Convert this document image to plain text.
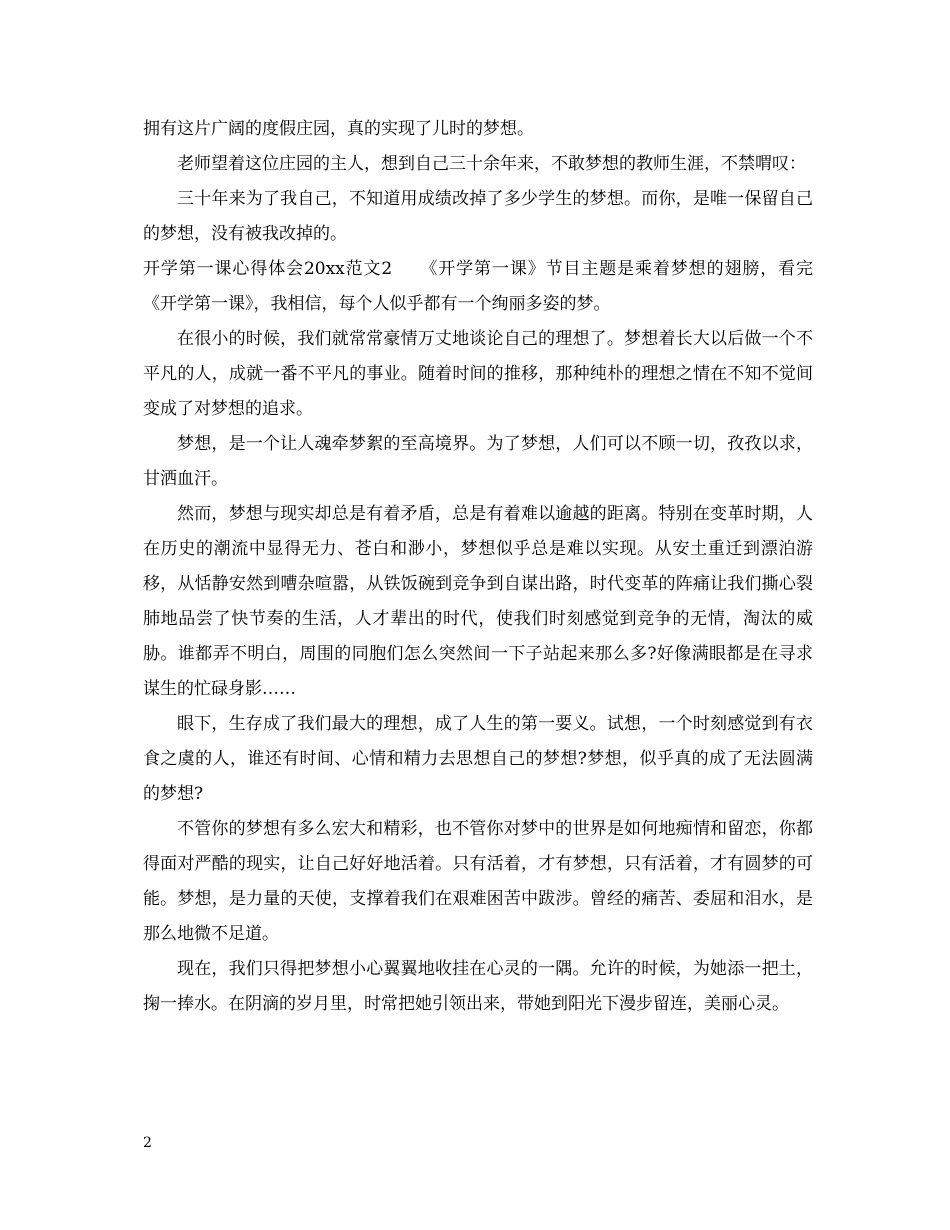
拥有这片广阔的度假庄园，真的实现了儿时的梦想。

老师望着这位庄园的主人，想到自己三十余年来，不敢梦想的教师生涯，不禁喟叹：

三十年来为了我自己，不知道用成绩改掉了多少学生的梦想。而你，是唯一保留自己的梦想，没有被我改掉的。

开学第一课心得体会20xx范文2　　《开学第一课》节目主题是乘着梦想的翅膀，看完《开学第一课》，我相信，每个人似乎都有一个绚丽多姿的梦。

在很小的时候，我们就常常豪情万丈地谈论自己的理想了。梦想着长大以后做一个不平凡的人，成就一番不平凡的事业。随着时间的推移，那种纯朴的理想之情在不知不觉间变成了对梦想的追求。

梦想，是一个让人魂牵梦絮的至高境界。为了梦想，人们可以不顾一切，孜孜以求，甘洒血汗。

然而，梦想与现实却总是有着矛盾，总是有着难以逾越的距离。特别在变革时期，人在历史的潮流中显得无力、苍白和渺小，梦想似乎总是难以实现。从安土重迁到漂泊游移，从恬静安然到嘈杂喧嚣，从铁饭碗到竞争到自谋出路，时代变革的阵痛让我们撕心裂肺地品尝了快节奏的生活，人才辈出的时代，使我们时刻感觉到竞争的无情，淘汰的威胁。谁都弄不明白，周围的同胞们怎么突然间一下子站起来那么多?好像满眼都是在寻求谋生的忙碌身影……

眼下，生存成了我们最大的理想，成了人生的第一要义。试想，一个时刻感觉到有衣食之虞的人，谁还有时间、心情和精力去思想自己的梦想?梦想，似乎真的成了无法圆满的梦想?

不管你的梦想有多么宏大和精彩，也不管你对梦中的世界是如何地痴情和留恋，你都得面对严酷的现实，让自己好好地活着。只有活着，才有梦想，只有活着，才有圆梦的可能。梦想，是力量的天使，支撑着我们在艰难困苦中跋涉。曾经的痛苦、委屈和泪水，是那么地微不足道。

现在，我们只得把梦想小心翼翼地收挂在心灵的一隅。允许的时候，为她添一把土，掬一捧水。在阴滴的岁月里，时常把她引领出来，带她到阳光下漫步留连，美丽心灵。

2
